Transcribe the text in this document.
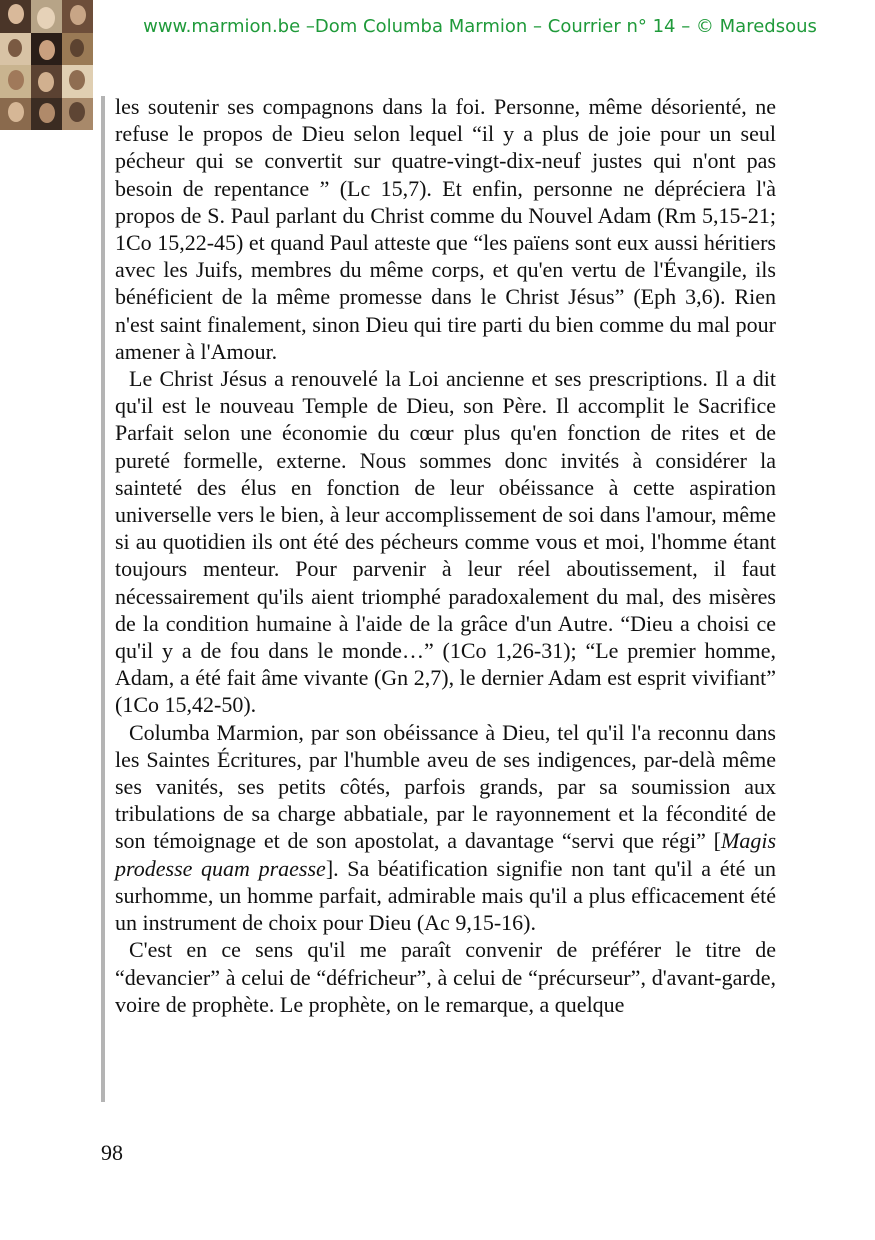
www.marmion.be –Dom Columba Marmion – Courrier n° 14 – © Maredsous

les soutenir ses compagnons dans la foi. Personne, même désorienté, ne refuse le propos de Dieu selon lequel “il y a plus de joie pour un seul pécheur qui se convertit sur quatre-vingt-dix-neuf justes qui n'ont pas besoin de repentance ” (Lc 15,7). Et enfin, personne ne dépréciera l'à propos de S. Paul parlant du Christ comme du Nouvel Adam (Rm 5,15-21; 1Co 15,22-45) et quand Paul atteste que “les païens sont eux aussi héritiers avec les Juifs, membres du même corps, et qu'en vertu de l'Évangile, ils bénéficient de la même promesse dans le Christ Jésus” (Eph 3,6). Rien n'est saint finalement, sinon Dieu qui tire parti du bien comme du mal pour amener à l'Amour.

Le Christ Jésus a renouvelé la Loi ancienne et ses prescriptions. Il a dit qu'il est le nouveau Temple de Dieu, son Père. Il accomplit le Sacrifice Parfait selon une économie du cœur plus qu'en fonction de rites et de pureté formelle, externe. Nous sommes donc invités à considérer la sainteté des élus en fonction de leur obéissance à cette aspiration universelle vers le bien, à leur accomplissement de soi dans l'amour, même si au quotidien ils ont été des pécheurs comme vous et moi, l'homme étant toujours menteur. Pour parvenir à leur réel aboutissement, il faut nécessairement qu'ils aient triomphé paradoxalement du mal, des misères de la condition humaine à l'aide de la grâce d'un Autre. “Dieu a choisi ce qu'il y a de fou dans le monde…” (1Co 1,26-31); “Le premier homme, Adam, a été fait âme vivante (Gn 2,7), le dernier Adam est esprit vivifiant” (1Co 15,42-50).

Columba Marmion, par son obéissance à Dieu, tel qu'il l'a reconnu dans les Saintes Écritures, par l'humble aveu de ses indigences, par-delà même ses vanités, ses petits côtés, parfois grands, par sa soumission aux tribulations de sa charge abbatiale, par le rayonnement et la fécondité de son témoignage et de son apostolat, a davantage “servi que régi” [Magis prodesse quam praesse]. Sa béatification signifie non tant qu'il a été un surhomme, un homme parfait, admirable mais qu'il a plus efficacement été un instrument de choix pour Dieu (Ac 9,15-16).

C'est en ce sens qu'il me paraît convenir de préférer le titre de “devancier” à celui de “défricheur”, à celui de “précurseur”, d'avant-garde, voire de prophète. Le prophète, on le remarque, a quelque

98
